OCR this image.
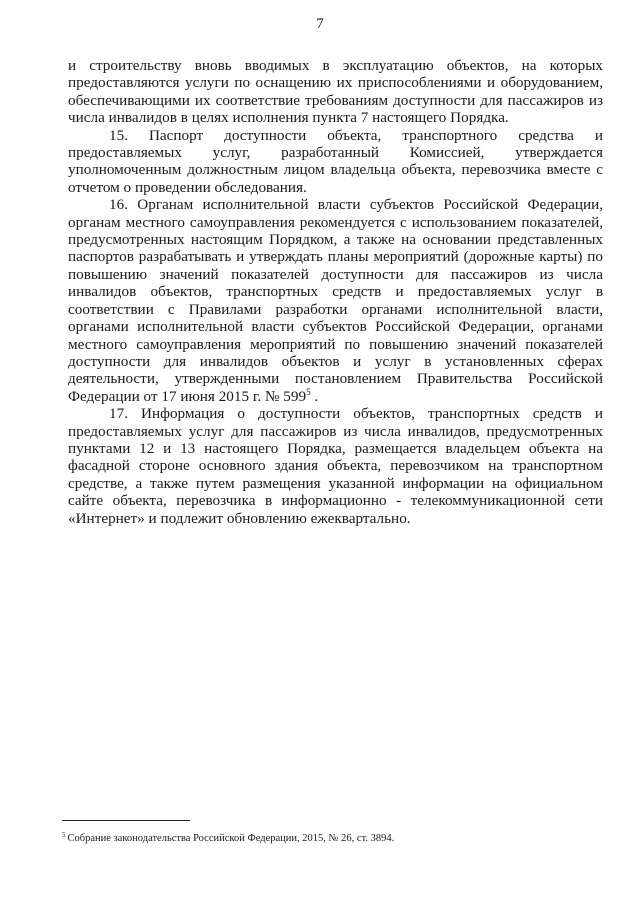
7

и строительству вновь вводимых в эксплуатацию объектов, на которых предоставляются услуги по оснащению их приспособлениями и оборудованием, обеспечивающими их соответствие требованиям доступности для пассажиров из числа инвалидов в целях исполнения пункта 7 настоящего Порядка.

15. Паспорт доступности объекта, транспортного средства и предоставляемых услуг, разработанный Комиссией, утверждается уполномоченным должностным лицом владельца объекта, перевозчика вместе с отчетом о проведении обследования.

16. Органам исполнительной власти субъектов Российской Федерации, органам местного самоуправления рекомендуется с использованием показателей, предусмотренных настоящим Порядком, а также на основании представленных паспортов разрабатывать и утверждать планы мероприятий (дорожные карты) по повышению значений показателей доступности для пассажиров из числа инвалидов объектов, транспортных средств и предоставляемых услуг в соответствии с Правилами разработки органами исполнительной власти, органами исполнительной власти субъектов Российской Федерации, органами местного самоуправления мероприятий по повышению значений показателей доступности для инвалидов объектов и услуг в установленных сферах деятельности, утвержденными постановлением Правительства Российской Федерации от 17 июня 2015 г. № $599^5$ .

17. Информация о доступности объектов, транспортных средств и предоставляемых услуг для пассажиров из числа инвалидов, предусмотренных пунктами 12 и 13 настоящего Порядка, размещается владельцем объекта на фасадной стороне основного здания объекта, перевозчиком на транспортном средстве, а также путем размещения указанной информации на официальном сайте объекта, перевозчика в информационно - телекоммуникационной сети «Интернет» и подлежит обновлению ежеквартально.

$^5$ Собрание законодательства Российской Федерации, 2015, № 26, ст. 3894.
